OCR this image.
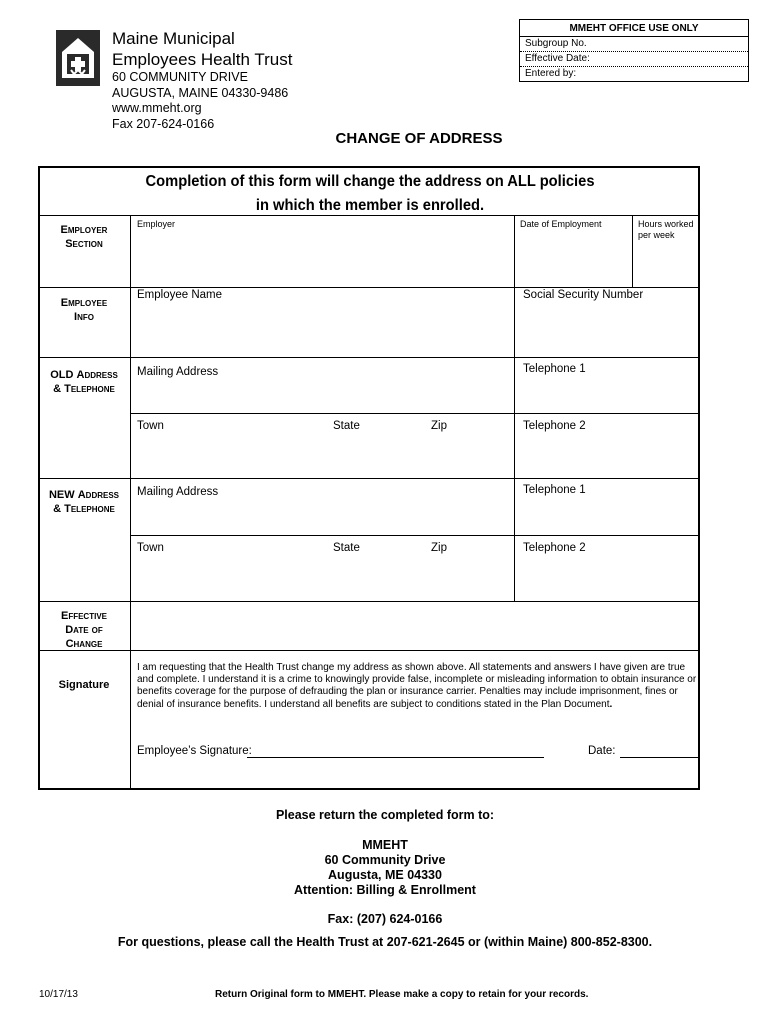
Maine Municipal
Employees Health Trust
60 COMMUNITY DRIVE
AUGUSTA, MAINE 04330-9486
www.mmeht.org
Fax 207-624-0166
MMEHT OFFICE USE ONLY
Subgroup No.
Effective Date:
Entered by:
CHANGE OF ADDRESS
Completion of this form will change the address on ALL policies
in which the member is enrolled.
Employer
Section
Employer	Date of Employment	Hours worked
per week
Employee
Info
Employee Name	Social Security Number
OLD Address
& Telephone
Mailing Address	Telephone 1
Town	State	Zip	Telephone 2
NEW Address
& Telephone
Mailing Address	Telephone 1
Town	State	Zip	Telephone 2
Effective
Date of
Change
Signature
I am requesting that the Health Trust change my address as shown above. All statements and answers I have given are true and complete. I understand it is a crime to knowingly provide false, incomplete or misleading information to obtain insurance or benefits coverage for the purpose of defrauding the plan or insurance carrier. Penalties may include imprisonment, fines or denial of insurance benefits. I understand all benefits are subject to conditions stated in the Plan Document.
Employee’s Signature:	Date:
Please return the completed form to:
MMEHT
60 Community Drive
Augusta, ME 04330
Attention: Billing & Enrollment
Fax: (207) 624-0166
For questions, please call the Health Trust at 207-621-2645 or (within Maine) 800-852-8300.
10/17/13	Return Original form to MMEHT. Please make a copy to retain for your records.
